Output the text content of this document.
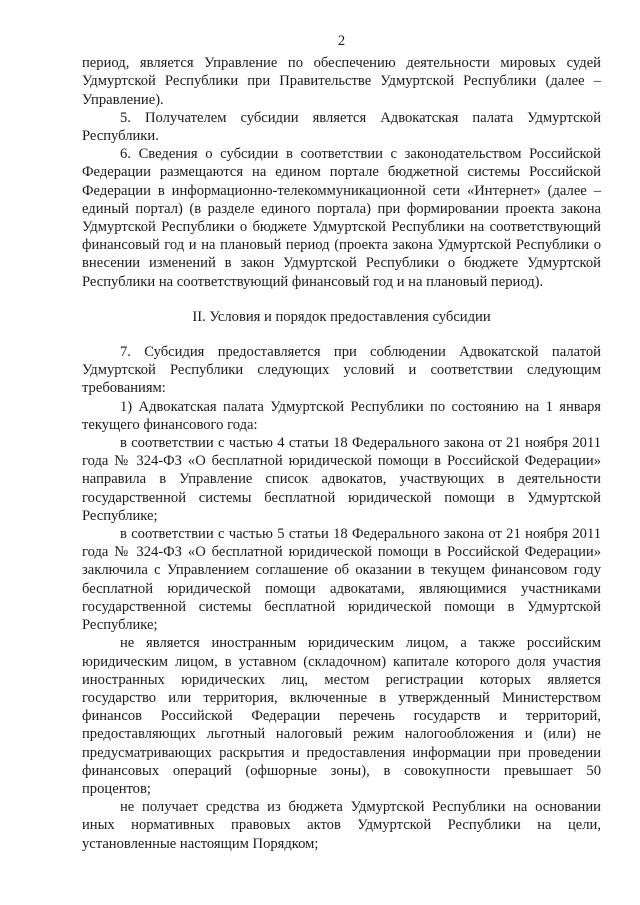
2

период, является Управление по обеспечению деятельности мировых судей Удмуртской Республики при Правительстве Удмуртской Республики (далее – Управление).

5. Получателем субсидии является Адвокатская палата Удмуртской Республики.

6. Сведения о субсидии в соответствии с законодательством Российской Федерации размещаются на едином портале бюджетной системы Российской Федерации в информационно-телекоммуникационной сети «Интернет» (далее – единый портал) (в разделе единого портала) при формировании проекта закона Удмуртской Республики о бюджете Удмуртской Республики на соответствующий финансовый год и на плановый период (проекта закона Удмуртской Республики о внесении изменений в закон Удмуртской Республики о бюджете Удмуртской Республики на соответствующий финансовый год и на плановый период).

II. Условия и порядок предоставления субсидии

7. Субсидия предоставляется при соблюдении Адвокатской палатой Удмуртской Республики следующих условий и соответствии следующим требованиям:

1) Адвокатская палата Удмуртской Республики по состоянию на 1 января текущего финансового года:

в соответствии с частью 4 статьи 18 Федерального закона от 21 ноября 2011 года № 324-ФЗ «О бесплатной юридической помощи в Российской Федерации» направила в Управление список адвокатов, участвующих в деятельности государственной системы бесплатной юридической помощи в Удмуртской Республике;

в соответствии с частью 5 статьи 18 Федерального закона от 21 ноября 2011 года № 324-ФЗ «О бесплатной юридической помощи в Российской Федерации» заключила с Управлением соглашение об оказании в текущем финансовом году бесплатной юридической помощи адвокатами, являющимися участниками государственной системы бесплатной юридической помощи в Удмуртской Республике;

не является иностранным юридическим лицом, а также российским юридическим лицом, в уставном (складочном) капитале которого доля участия иностранных юридических лиц, местом регистрации которых является государство или территория, включенные в утвержденный Министерством финансов Российской Федерации перечень государств и территорий, предоставляющих льготный налоговый режим налогообложения и (или) не предусматривающих раскрытия и предоставления информации при проведении финансовых операций (офшорные зоны), в совокупности превышает 50 процентов;

не получает средства из бюджета Удмуртской Республики на основании иных нормативных правовых актов Удмуртской Республики на цели, установленные настоящим Порядком;
